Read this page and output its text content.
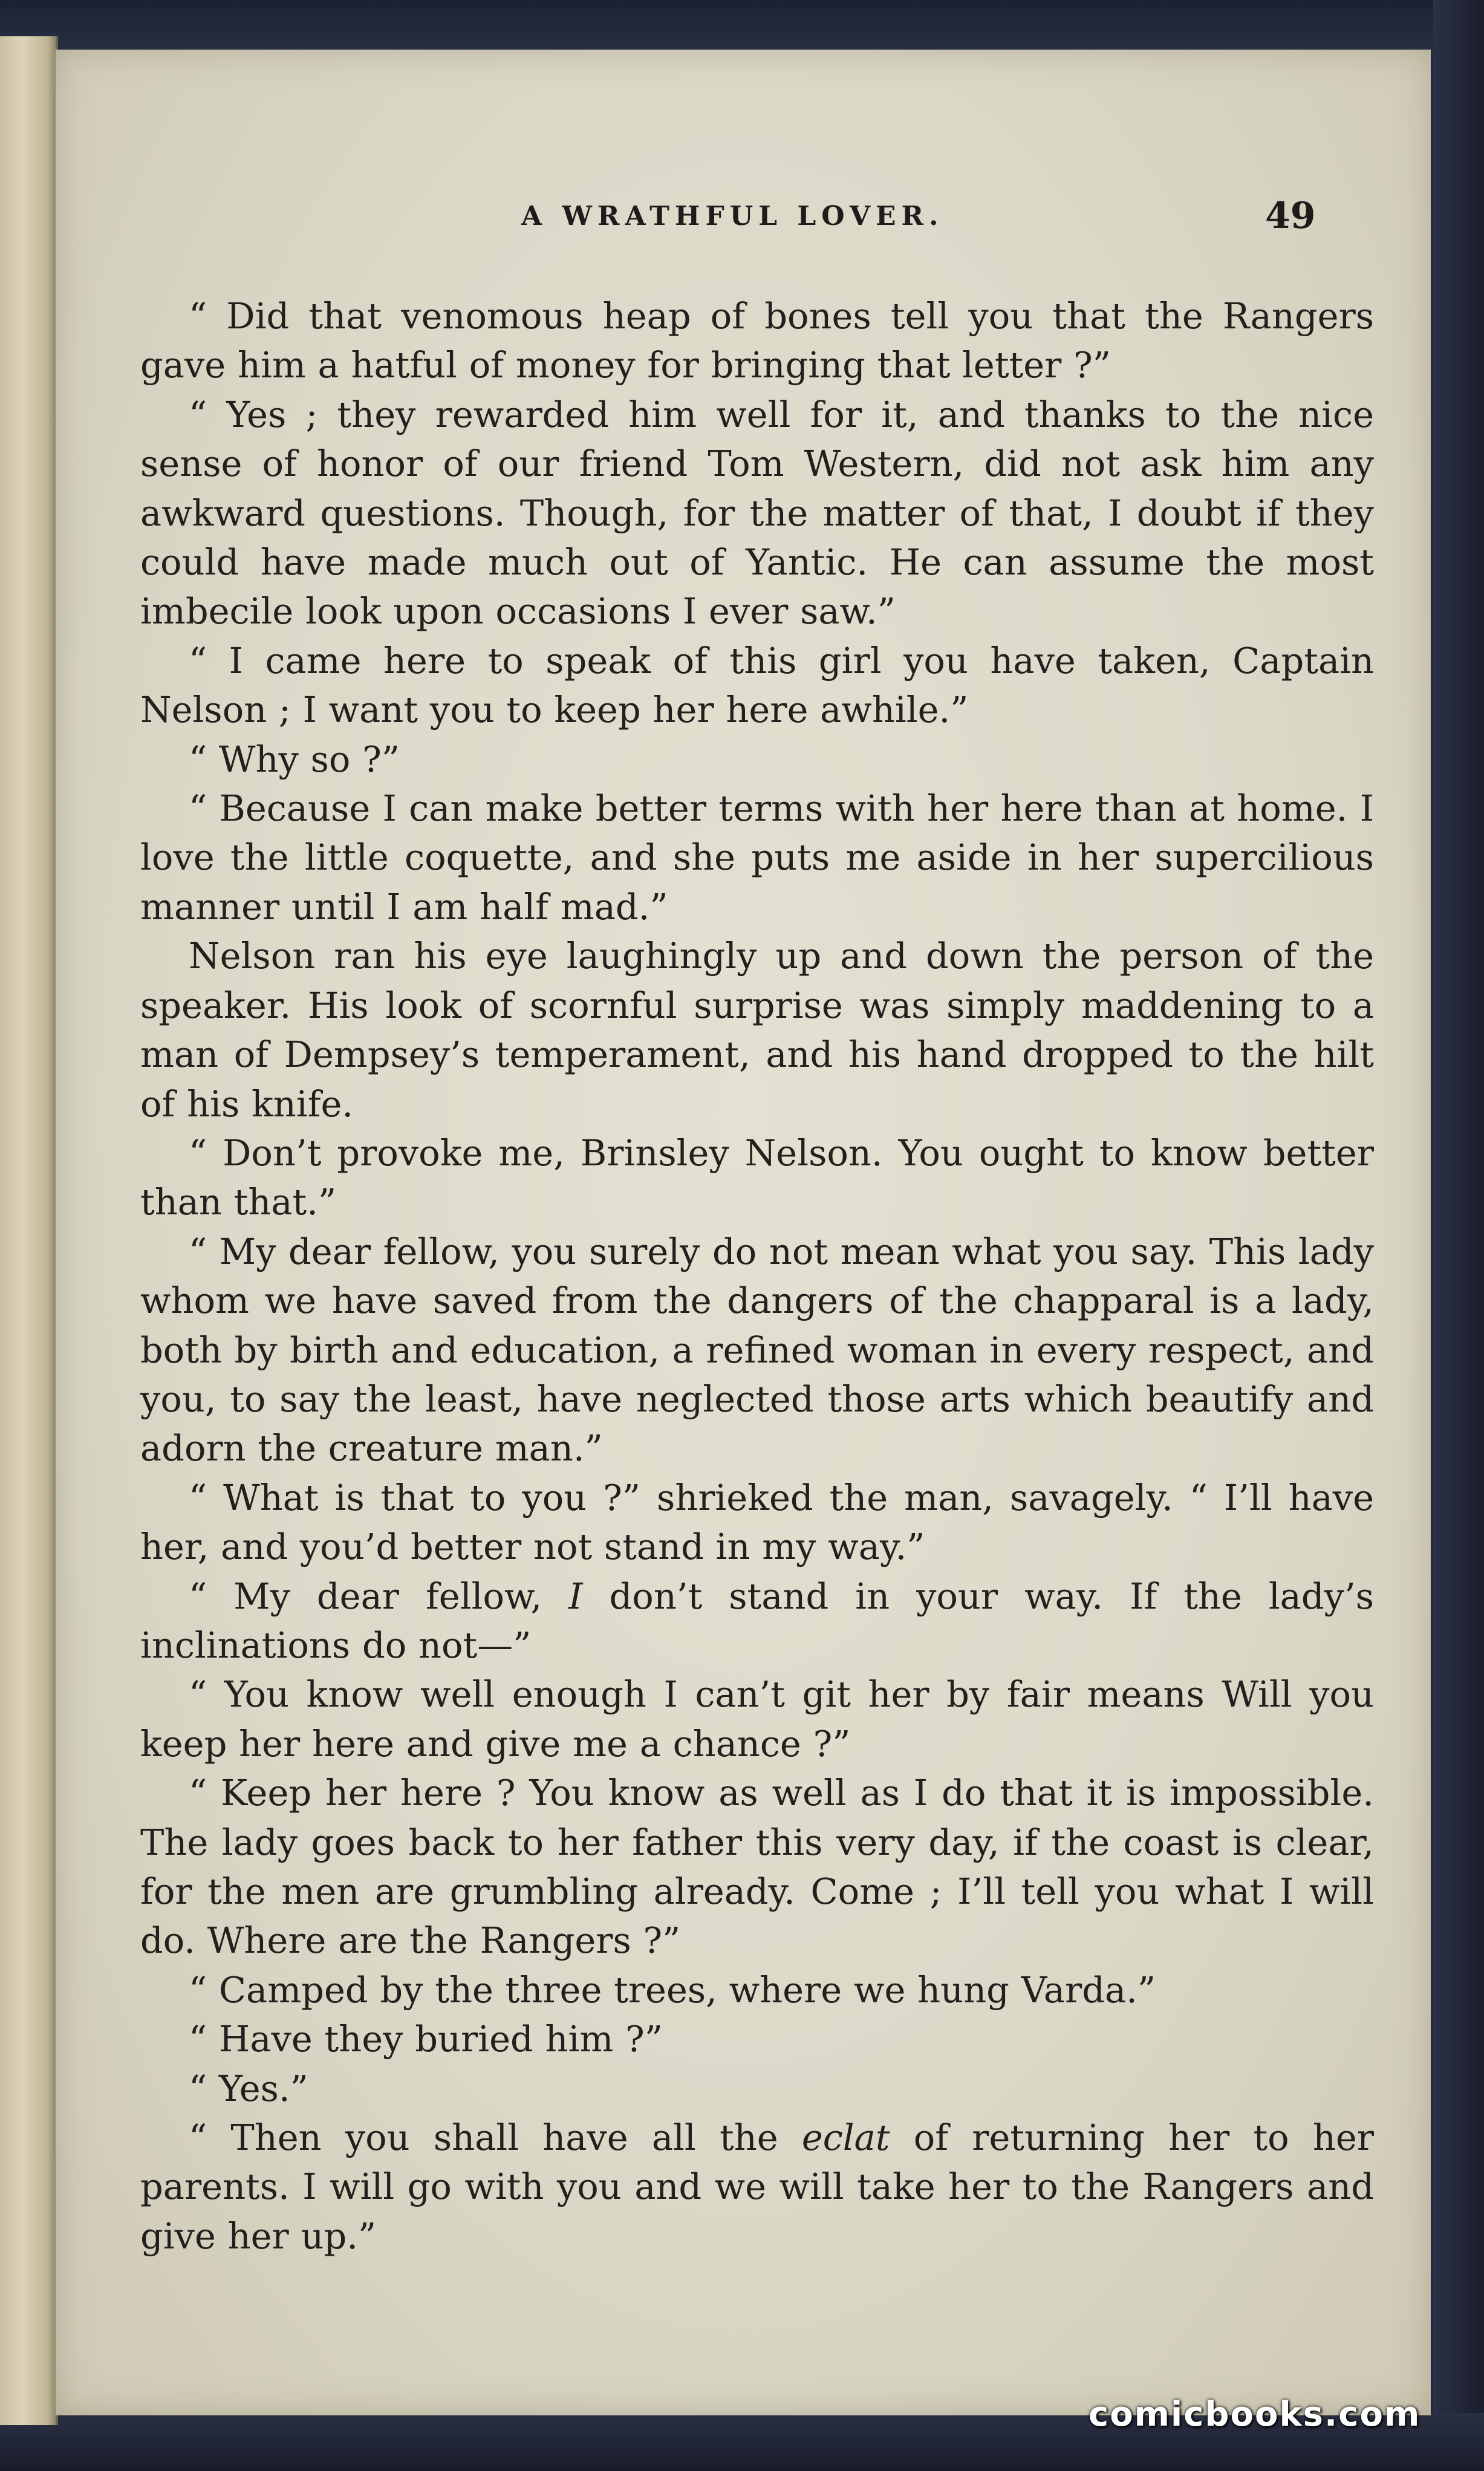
A WRATHFUL LOVER.	49

“ Did that venomous heap of bones tell you that the Rangers gave him a hatful of money for bringing that letter ?”

“ Yes ; they rewarded him well for it, and thanks to the nice sense of honor of our friend Tom Western, did not ask him any awkward questions. Though, for the matter of that, I doubt if they could have made much out of Yantic. He can assume the most imbecile look upon occasions I ever saw.”

“ I came here to speak of this girl you have taken, Captain Nelson ; I want you to keep her here awhile.”

“ Why so ?”

“ Because I can make better terms with her here than at home. I love the little coquette, and she puts me aside in her supercilious manner until I am half mad.”

Nelson ran his eye laughingly up and down the person of the speaker. His look of scornful surprise was simply maddening to a man of Dempsey’s temperament, and his hand dropped to the hilt of his knife.

“ Don’t provoke me, Brinsley Nelson. You ought to know better than that.”

“ My dear fellow, you surely do not mean what you say. This lady whom we have saved from the dangers of the chapparal is a lady, both by birth and education, a refined woman in every respect, and you, to say the least, have neglected those arts which beautify and adorn the creature man.”

“ What is that to you ?” shrieked the man, savagely. “ I’ll have her, and you’d better not stand in my way.”

“ My dear fellow, I don’t stand in your way. If the lady’s inclinations do not—”

“ You know well enough I can’t git her by fair means Will you keep her here and give me a chance ?”

“ Keep her here ? You know as well as I do that it is impossible. The lady goes back to her father this very day, if the coast is clear, for the men are grumbling already. Come ; I’ll tell you what I will do. Where are the Rangers ?”

“ Camped by the three trees, where we hung Varda.”

“ Have they buried him ?”

“ Yes.”

“ Then you shall have all the eclat of returning her to her parents. I will go with you and we will take her to the Rangers and give her up.”

comicbooks.com
